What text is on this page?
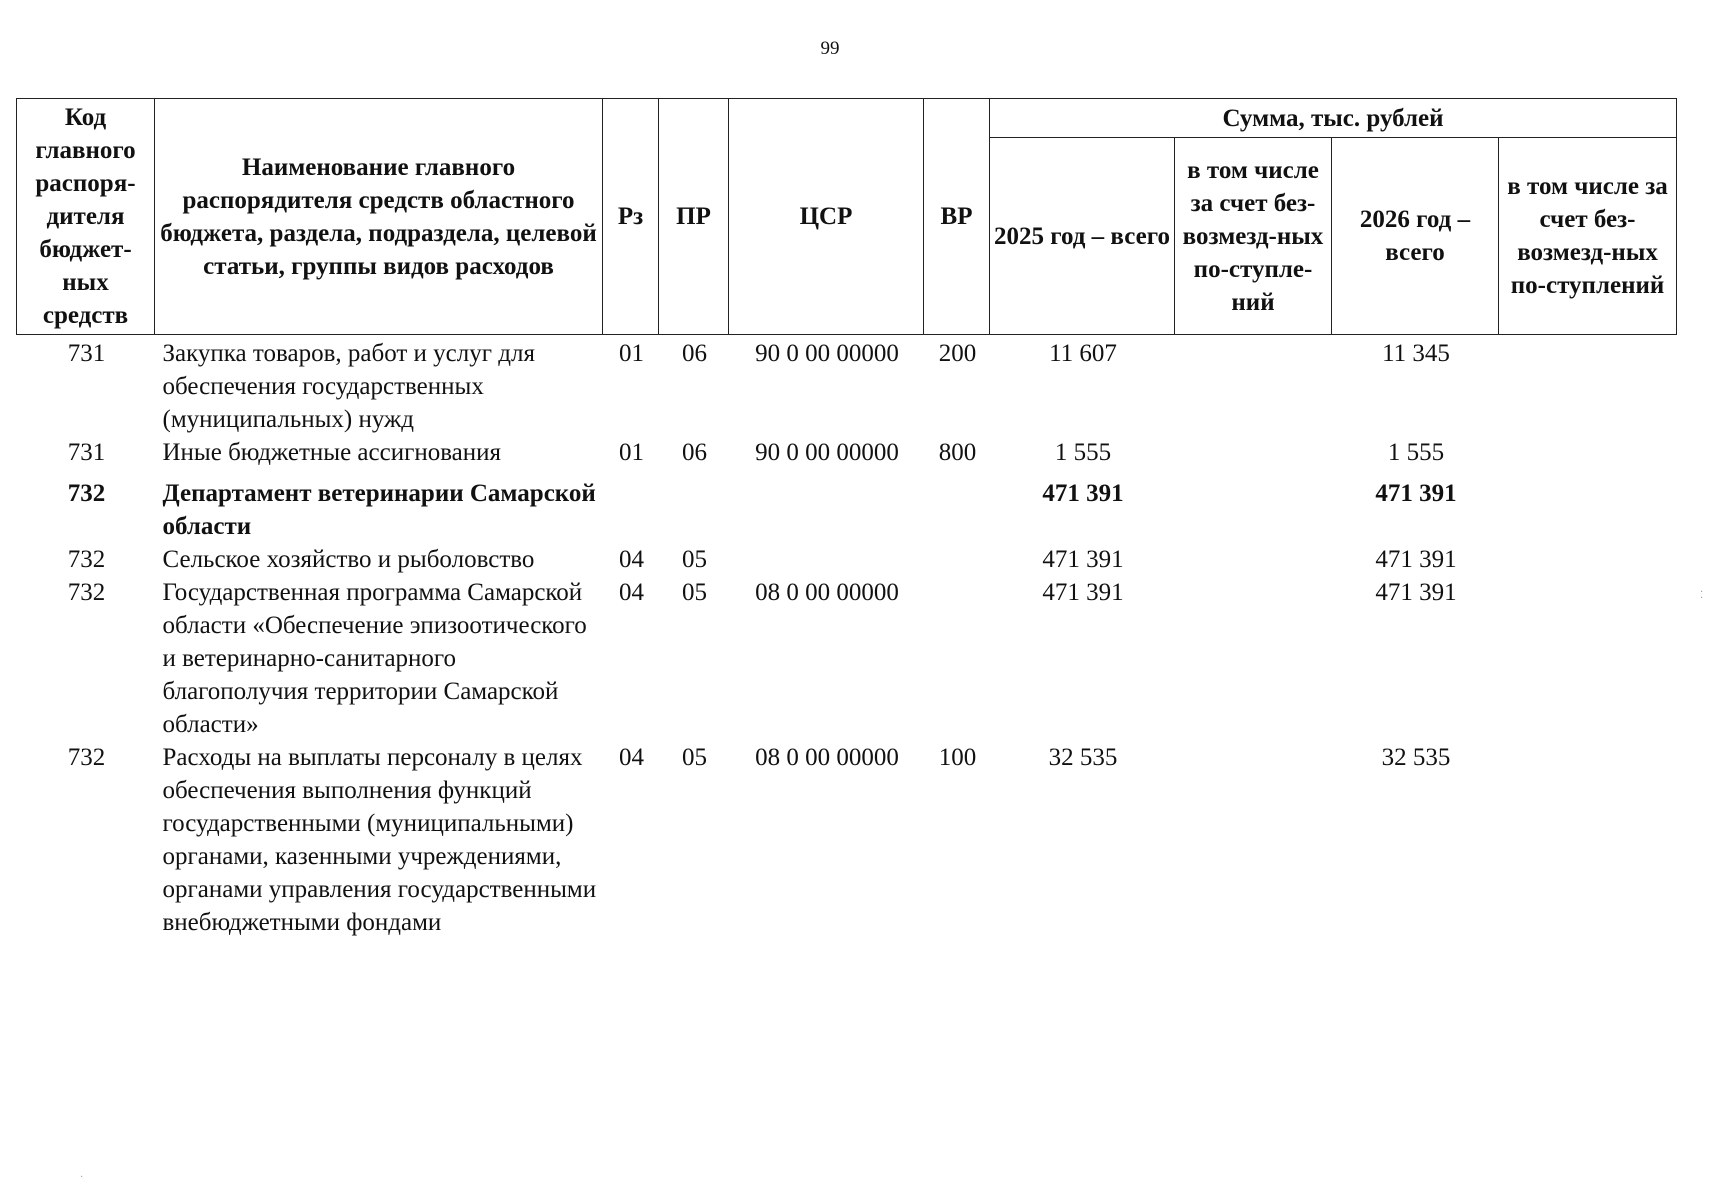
99
Код главного распоря-дителя бюджет-ных средств	Наименование главного распорядителя средств областного бюджета, раздела, подраздела, целевой статьи, группы видов расходов	Рз	ПР	ЦСР	ВР	Сумма, тыс. рублей			
						2025 год – всего	в том числе за счет без-возмезд-ных по-ступле-ний	2026 год – всего	в том числе за счет без-возмезд-ных по-ступлений
731	Закупка товаров, работ и услуг для обеспечения государственных (муниципальных) нужд	01	06	90 0 00 00000	200	11 607		11 345	
731	Иные бюджетные ассигнования	01	06	90 0 00 00000	800	1 555		1 555	
732	Департамент ветеринарии Самарской области					471 391		471 391	
732	Сельское хозяйство и рыболовство	04	05			471 391		471 391	
732	Государственная программа Самарской области «Обеспечение эпизоотического и ветеринарно-санитарного благополучия территории Самарской области»	04	05	08 0 00 00000		471 391		471 391	
732	Расходы на выплаты персоналу в целях обеспечения выполнения функций государственными (муниципальными) органами, казенными учреждениями, органами управления государственными внебюджетными фондами	04	05	08 0 00 00000	100	32 535		32 535	
⁚
·
